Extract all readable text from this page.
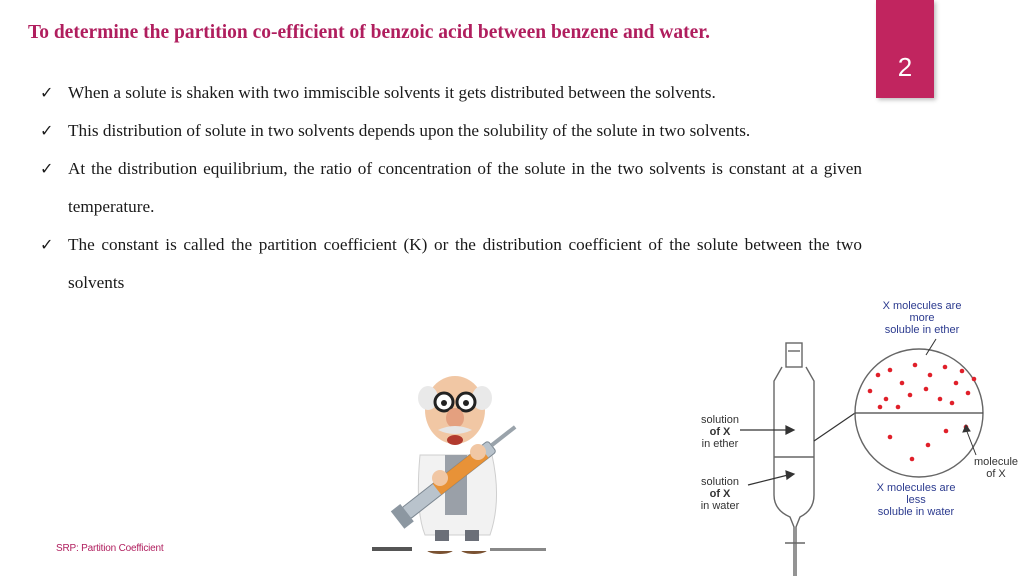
To determine the partition co-efficient of benzoic acid between benzene and water.
2
✓ When a solute is shaken with two immiscible solvents it gets distributed between the solvents.
✓ This distribution of solute in two solvents depends upon the solubility of the solute in two solvents.
✓ At the distribution equilibrium, the ratio of concentration of the solute in the two solvents is constant at a given temperature.
✓ The constant is called the partition coefficient (K) or the distribution coefficient of the solute between the two solvents
X molecules are
more
soluble in ether
solution
of X
in ether
solution
of X
in water
molecule
of X
X molecules are
less
soluble in water
SRP: Partition Coefficient
